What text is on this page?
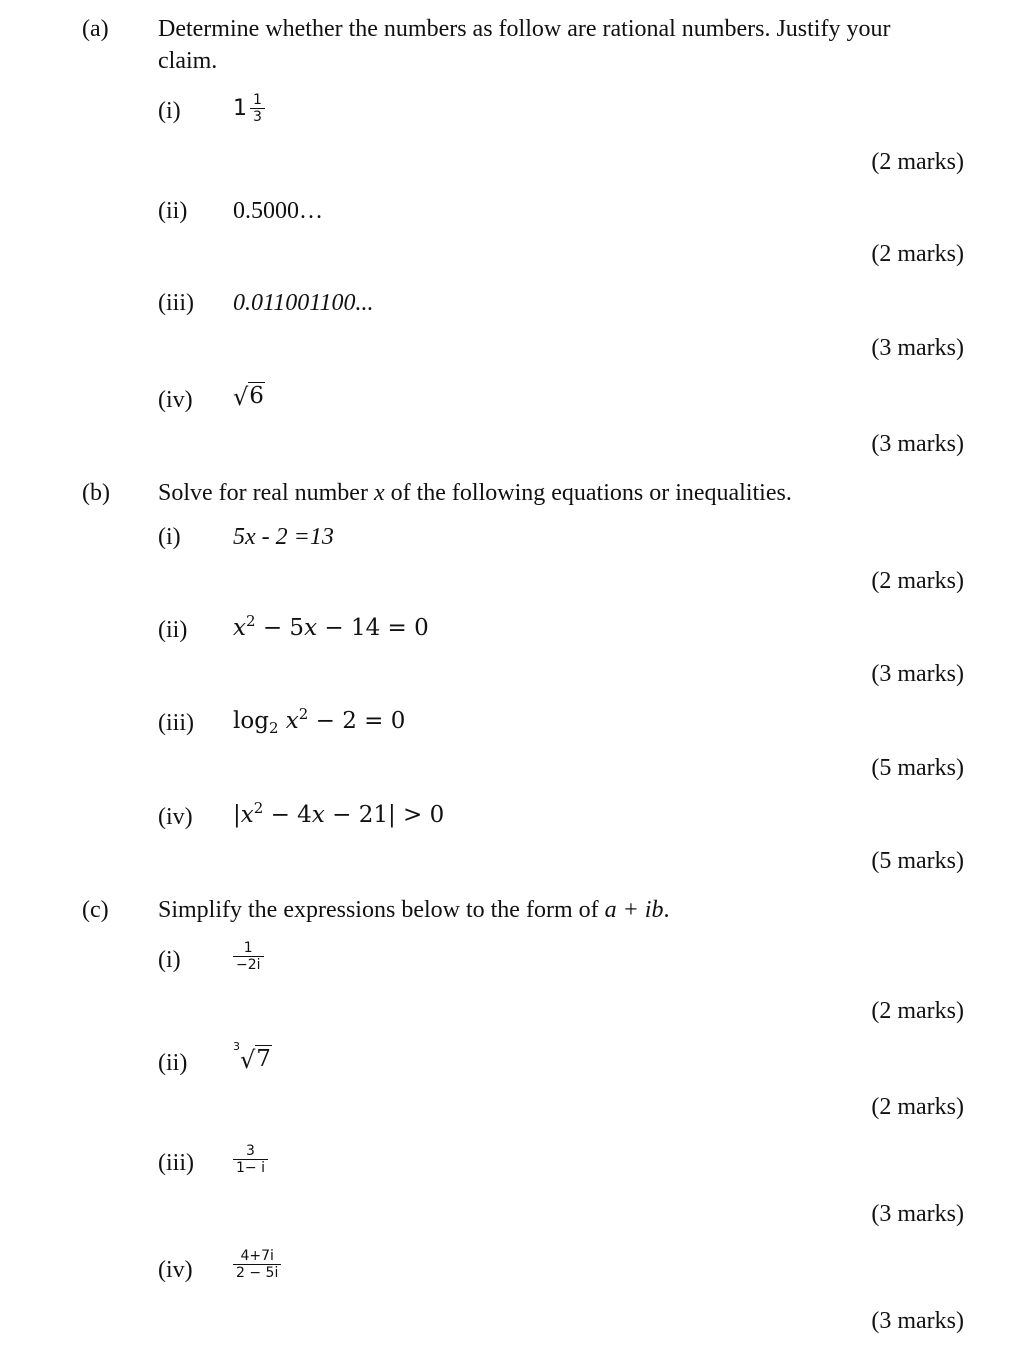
(a) Determine whether the numbers as follow are rational numbers. Justify your
claim.
(i) $1 \frac{1}{3}$
(2 marks)
(ii) 0.5000…
(2 marks)
(iii) 0.011001100...
(3 marks)
(iv) √ 6
(3 marks)
(b) Solve for real number x of the following equations or inequalities.
(i) 5x - 2 =13
(2 marks)
(ii) $x^2 - 5x - 14 = 0$
(3 marks)
(iii) $\log_2 x^2 - 2 = 0$
(5 marks)
(iv) $|x^2 - 4x - 21| > 0$
(5 marks)
(c) Simplify the expressions below to the form of a + ib.
(i)	$\frac{1}{-2i}$
(2 marks)
(ii)
3 √ 7
(2 marks)
(iii)	$\frac{3}{1- i}$
(3 marks)
(iv)	$\frac{4+7i}{2 - 5i}$
(3 marks)
